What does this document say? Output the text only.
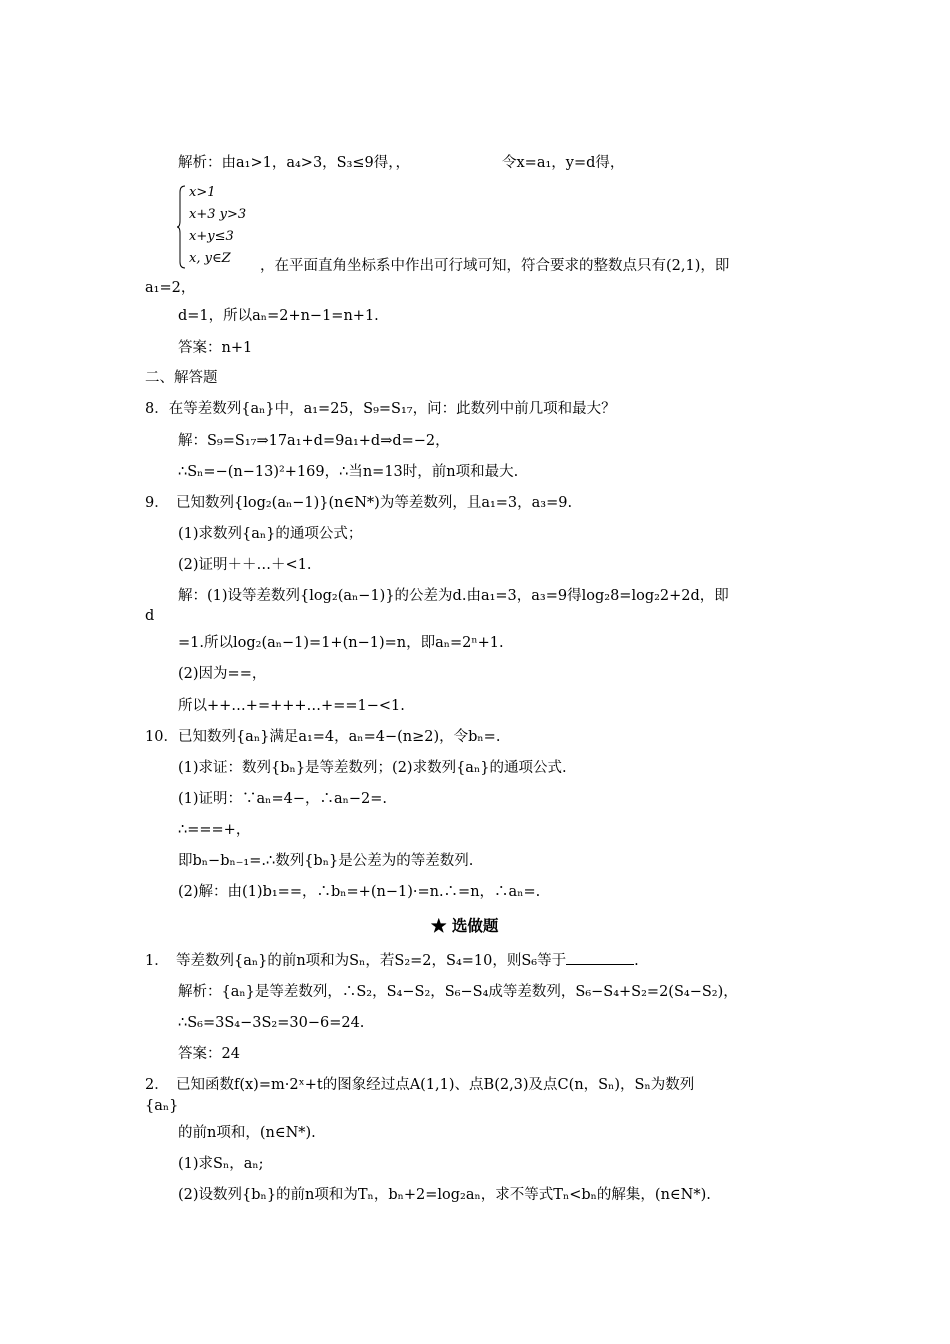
解析：由a₁>1，a₄>3，S₃≤9得，，	令x=a₁，y=d得，
x>1
x+3 y>3
x+y≤3
x, y∈Z ，在平面直角坐标系中作出可行域可知，符合要求的整数点只有(2,1)，即
a₁=2，
d=1，所以aₙ=2+n−1=n+1.
答案：n+1
二、解答题
8．在等差数列{aₙ}中，a₁=25，S₉=S₁₇，问：此数列中前几项和最大？
解：S₉=S₁₇⇒17a₁+d=9a₁+d⇒d=−2，
∴Sₙ=−(n−13)²+169，∴当n=13时，前n项和最大.
9．　已知数列{log₂(aₙ−1)}(n∈N*)为等差数列，且a₁=3，a₃=9.
(1)求数列{aₙ}的通项公式；
(2)证明＋＋…＋<1.
解：(1)设等差数列{log₂(aₙ−1)}的公差为d.由a₁=3，a₃=9得log₂8=log₂2+2d，即
d
=1.所以log₂(aₙ−1)=1+(n−1)=n，即aₙ=2ⁿ+1.
(2)因为==，
所以++…+=+++…+==1−<1.
10．已知数列{aₙ}满足a₁=4，aₙ=4−(n≥2)，令bₙ=.
(1)求证：数列{bₙ}是等差数列；(2)求数列{aₙ}的通项公式.
(1)证明：∵aₙ=4−，∴aₙ−2=.
∴===+，
即bₙ−bₙ₋₁=.∴数列{bₙ}是公差为的等差数列.
(2)解：由(1)b₁==，∴bₙ=+(n−1)·=n.∴=n，∴aₙ=.
★ 选做题
1．　等差数列{aₙ}的前n项和为Sₙ，若S₂=2，S₄=10，则S₆等于	.
解析：{aₙ}是等差数列，∴S₂，S₄−S₂，S₆−S₄成等差数列，S₆−S₄+S₂=2(S₄−S₂)，
∴S₆=3S₄−3S₂=30−6=24.
答案：24
2．　已知函数f(x)=m·2ˣ+t的图象经过点A(1,1)、点B(2,3)及点C(n，Sₙ)，Sₙ为数列
{aₙ}
的前n项和，(n∈N*).
(1)求Sₙ，aₙ;
(2)设数列{bₙ}的前n项和为Tₙ，bₙ+2=log₂aₙ，求不等式Tₙ<bₙ的解集，(n∈N*).
